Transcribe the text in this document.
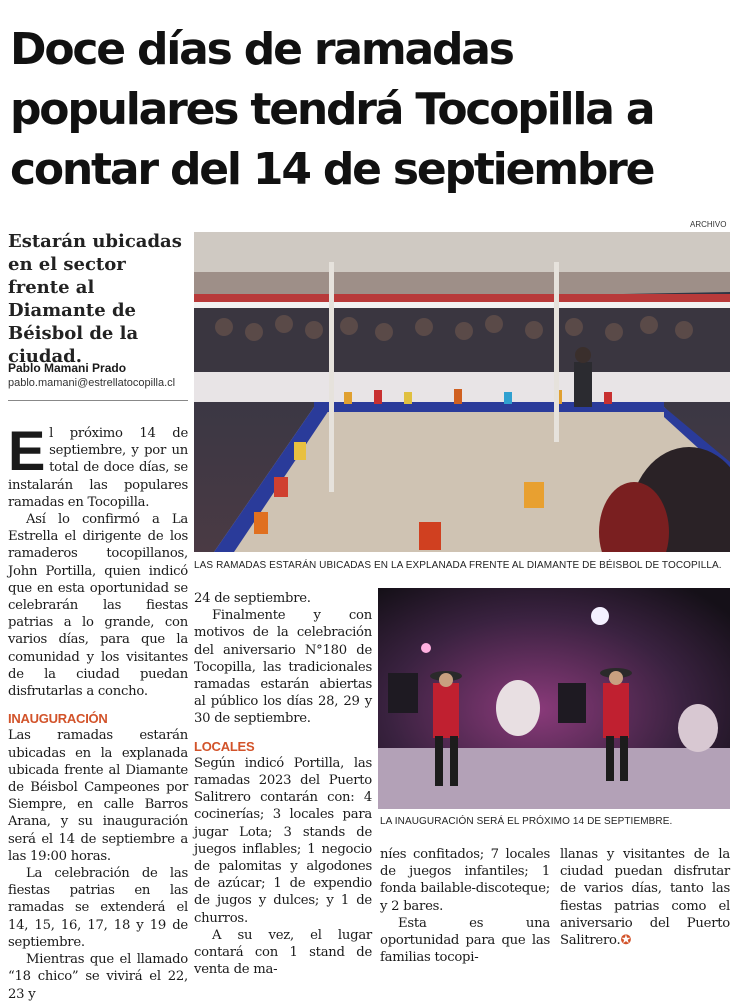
Doce días de ramadas
populares tendrá Tocopilla a
contar del 14 de septiembre
Estarán ubicadas en el sector frente al Diamante de Béisbol de la ciudad.
Pablo Mamani Prado
pablo.mamani@estrellatocopilla.cl
ARCHIVO
LAS RAMADAS ESTARÁN UBICADAS EN LA EXPLANADA FRENTE AL DIAMANTE DE BÉISBOL DE TOCOPILLA.
LA INAUGURACIÓN SERÁ EL PRÓXIMO 14 DE SEPTIEMBRE.

El próximo 14 de septiembre, y por un total de doce días, se instalarán las populares ramadas en Tocopilla.

Así lo confirmó a La Estrella el dirigente de los ramaderos tocopillanos, John Portilla, quien indicó que en esta oportunidad se celebrarán las fiestas patrias a lo grande, con varios días, para que la comunidad y los visitantes de la ciudad puedan disfrutarlas a concho.

INAUGURACIÓN

Las ramadas estarán ubicadas en la explanada ubicada frente al Diamante de Béisbol Campeones por Siempre, en calle Barros Arana, y su inauguración será el 14 de septiembre a las 19:00 horas.

La celebración de las fiestas patrias en las ramadas se extenderá el 14, 15, 16, 17, 18 y 19 de septiembre.

Mientras que el llamado “18 chico” se vivirá el 22, 23 y

24 de septiembre.

Finalmente y con motivos de la celebración del aniversario N°180 de Tocopilla, las tradicionales ramadas estarán abiertas al público los días 28, 29 y 30 de septiembre.

LOCALES

Según indicó Portilla, las ramadas 2023 del Puerto Salitrero contarán con: 4 cocinerías; 3 locales para jugar Lota; 3 stands de juegos inflables; 1 negocio de palomitas y algodones de azúcar; 1 de expendio de jugos y dulces; y 1 de churros.

A su vez, el lugar contará con 1 stand de venta de ma-

níes confitados; 7 locales de juegos infantiles; 1 fonda bailable-discoteque; y 2 bares.

Esta es una oportunidad para que las familias tocopi-

llanas y visitantes de la ciudad puedan disfrutar de varios días, tanto las fiestas patrias como el aniversario del Puerto Salitrero.✪
